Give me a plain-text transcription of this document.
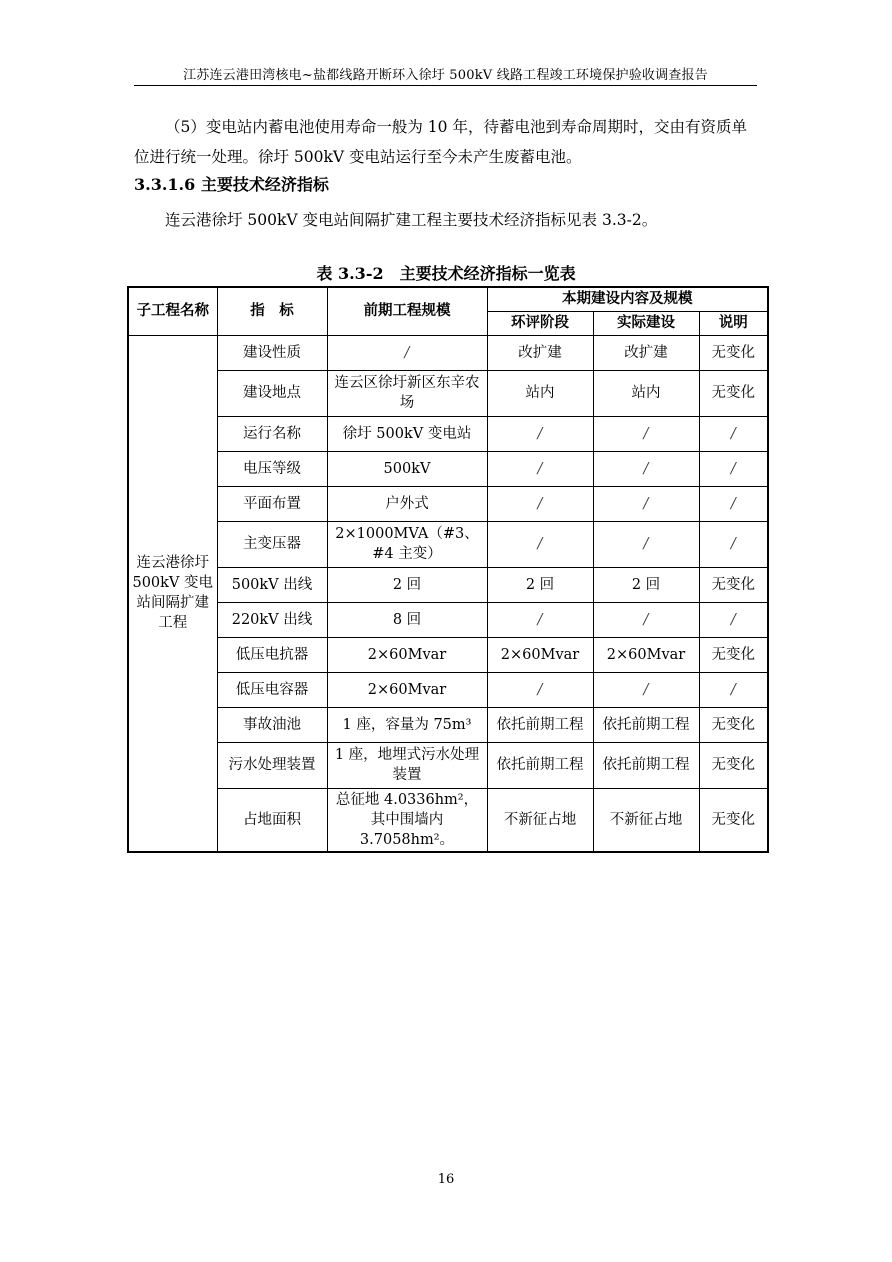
江苏连云港田湾核电~盐都线路开断环入徐圩 500kV 线路工程竣工环境保护验收调查报告
（5）变电站内蓄电池使用寿命一般为 10 年，待蓄电池到寿命周期时，交由有资质单位进行统一处理。徐圩 500kV 变电站运行至今未产生废蓄电池。
3.3.1.6 主要技术经济指标
连云港徐圩 500kV 变电站间隔扩建工程主要技术经济指标见表 3.3-2。
表 3.3-2　主要技术经济指标一览表
子工程名称	指　标	前期工程规模	本期建设内容及规模		
			环评阶段	实际建设	说明
连云港徐圩500kV 变电站间隔扩建工程	建设性质	/	改扩建	改扩建	无变化
	建设地点	连云区徐圩新区东辛农场	站内	站内	无变化
	运行名称	徐圩 500kV 变电站	/	/	/
	电压等级	500kV	/	/	/
	平面布置	户外式	/	/	/
	主变压器	2×1000MVA（#3、#4 主变）	/	/	/
	500kV 出线	2 回	2 回	2 回	无变化
	220kV 出线	8 回	/	/	/
	低压电抗器	2×60Mvar	2×60Mvar	2×60Mvar	无变化
	低压电容器	2×60Mvar	/	/	/
	事故油池	1 座，容量为 75m³	依托前期工程	依托前期工程	无变化
	污水处理装置	1 座，地埋式污水处理装置	依托前期工程	依托前期工程	无变化
	占地面积	总征地 4.0336hm²，其中围墙内 3.7058hm²。	不新征占地	不新征占地	无变化
16
